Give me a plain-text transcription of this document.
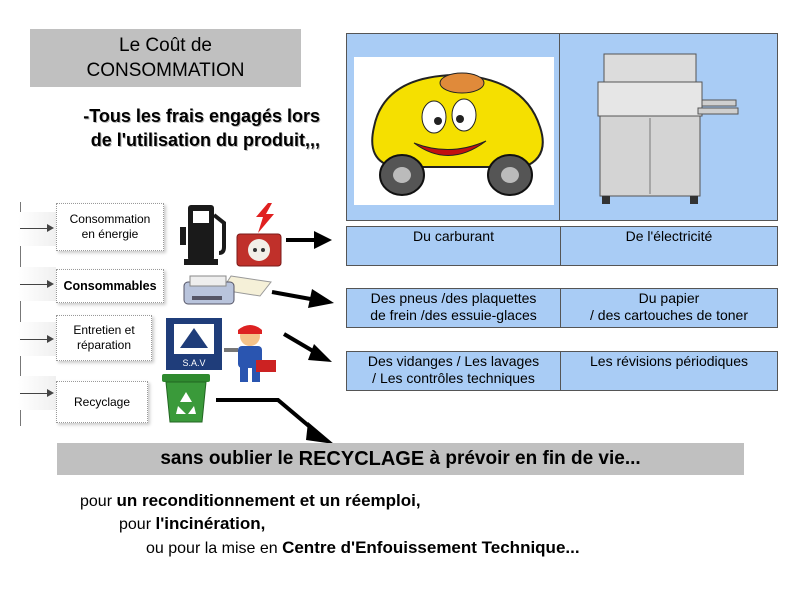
Le Coût de
CONSOMMATION
-Tous les frais engagés lors
de l'utilisation du produit,,,
Consommation
en énergie
Consommables
Entretien et
réparation
Recyclage
S.A.V
Du carburant	De l'électricité
Des pneus /des plaquettes
de frein /des essuie-glaces
Du papier
/ des cartouches de toner
Des vidanges / Les lavages
/ Les contrôles techniques
Les révisions périodiques
sans oublier le RECYCLAGE à prévoir en fin de vie...
pour un reconditionnement et un réemploi,
pour l'incinération,
ou pour la mise en Centre d'Enfouissement Technique...
